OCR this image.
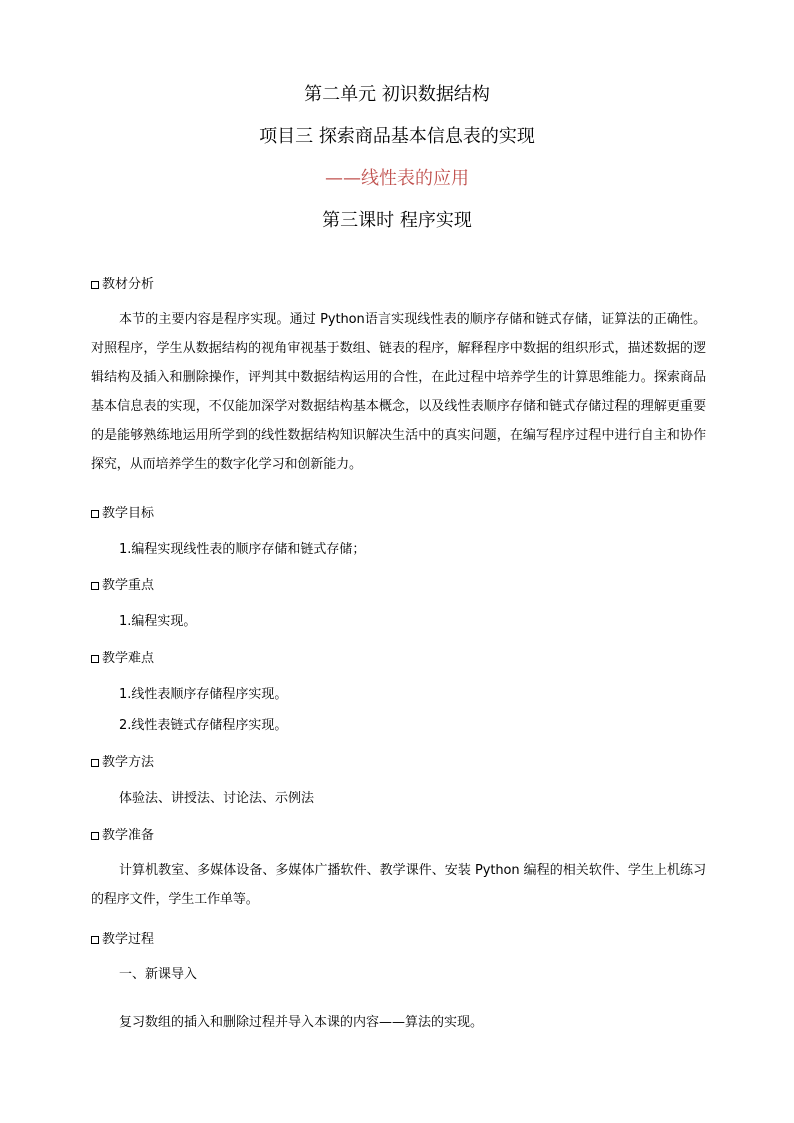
第二单元 初识数据结构
项目三 探索商品基本信息表的实现
——线性表的应用
第三课时 程序实现
教材分析
本节的主要内容是程序实现。通过 Python语言实现线性表的顺序存储和链式存储，证算法的正确性。对照程序，学生从数据结构的视角审视基于数组、链表的程序，解释程序中数据的组织形式，描述数据的逻辑结构及插入和删除操作，评判其中数据结构运用的合性，在此过程中培养学生的计算思维能力。探索商品基本信息表的实现，不仅能加深学对数据结构基本概念，以及线性表顺序存储和链式存储过程的理解更重要的是能够熟练地运用所学到的线性数据结构知识解决生活中的真实问题，在编写程序过程中进行自主和协作探究，从而培养学生的数字化学习和创新能力。
教学目标
1.编程实现线性表的顺序存储和链式存储；
教学重点
1.编程实现。
教学难点
1.线性表顺序存储程序实现。
2.线性表链式存储程序实现。
教学方法
体验法、讲授法、讨论法、示例法
教学准备
计算机教室、多媒体设备、多媒体广播软件、教学课件、安装 Python 编程的相关软件、学生上机练习的程序文件，学生工作单等。
教学过程
一、新课导入
复习数组的插入和删除过程并导入本课的内容——算法的实现。
